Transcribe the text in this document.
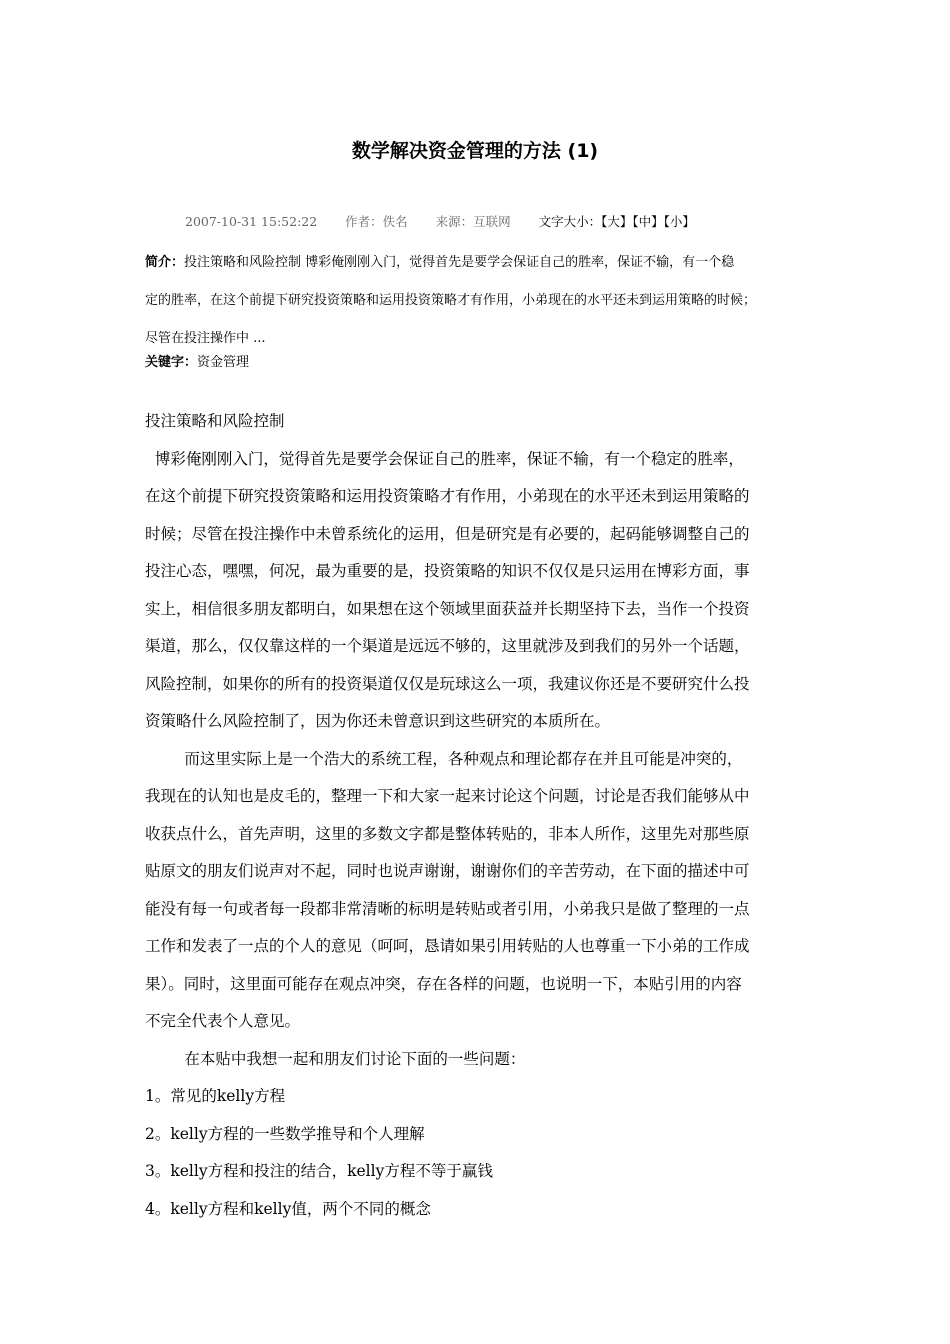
数学解决资金管理的方法 (1)
2007-10-31 15:52:22 作者：佚名 来源：互联网 文字大小：【大】【中】【小】
简介：投注策略和风险控制 博彩俺刚刚入门，觉得首先是要学会保证自己的胜率，保证不输，有一个稳
定的胜率，在这个前提下研究投资策略和运用投资策略才有作用，小弟现在的水平还未到运用策略的时候；
尽管在投注操作中 ...
关键字：资金管理
投注策略和风险控制
博彩俺刚刚入门，觉得首先是要学会保证自己的胜率，保证不输，有一个稳定的胜率，
在这个前提下研究投资策略和运用投资策略才有作用，小弟现在的水平还未到运用策略的
时候；尽管在投注操作中未曾系统化的运用，但是研究是有必要的，起码能够调整自己的
投注心态，嘿嘿，何况，最为重要的是，投资策略的知识不仅仅是只运用在博彩方面，事
实上，相信很多朋友都明白，如果想在这个领域里面获益并长期坚持下去，当作一个投资
渠道，那么，仅仅靠这样的一个渠道是远远不够的，这里就涉及到我们的另外一个话题，
风险控制，如果你的所有的投资渠道仅仅是玩球这么一项，我建议你还是不要研究什么投
资策略什么风险控制了，因为你还未曾意识到这些研究的本质所在。
而这里实际上是一个浩大的系统工程，各种观点和理论都存在并且可能是冲突的，
我现在的认知也是皮毛的，整理一下和大家一起来讨论这个问题，讨论是否我们能够从中
收获点什么，首先声明，这里的多数文字都是整体转贴的，非本人所作，这里先对那些原
贴原文的朋友们说声对不起，同时也说声谢谢，谢谢你们的辛苦劳动，在下面的描述中可
能没有每一句或者每一段都非常清晰的标明是转贴或者引用，小弟我只是做了整理的一点
工作和发表了一点的个人的意见（呵呵，恳请如果引用转贴的人也尊重一下小弟的工作成
果）。同时，这里面可能存在观点冲突，存在各样的问题，也说明一下，本贴引用的内容
不完全代表个人意见。
在本贴中我想一起和朋友们讨论下面的一些问题：
1。常见的kelly方程
2。kelly方程的一些数学推导和个人理解
3。kelly方程和投注的结合，kelly方程不等于赢钱
4。kelly方程和kelly值，两个不同的概念
